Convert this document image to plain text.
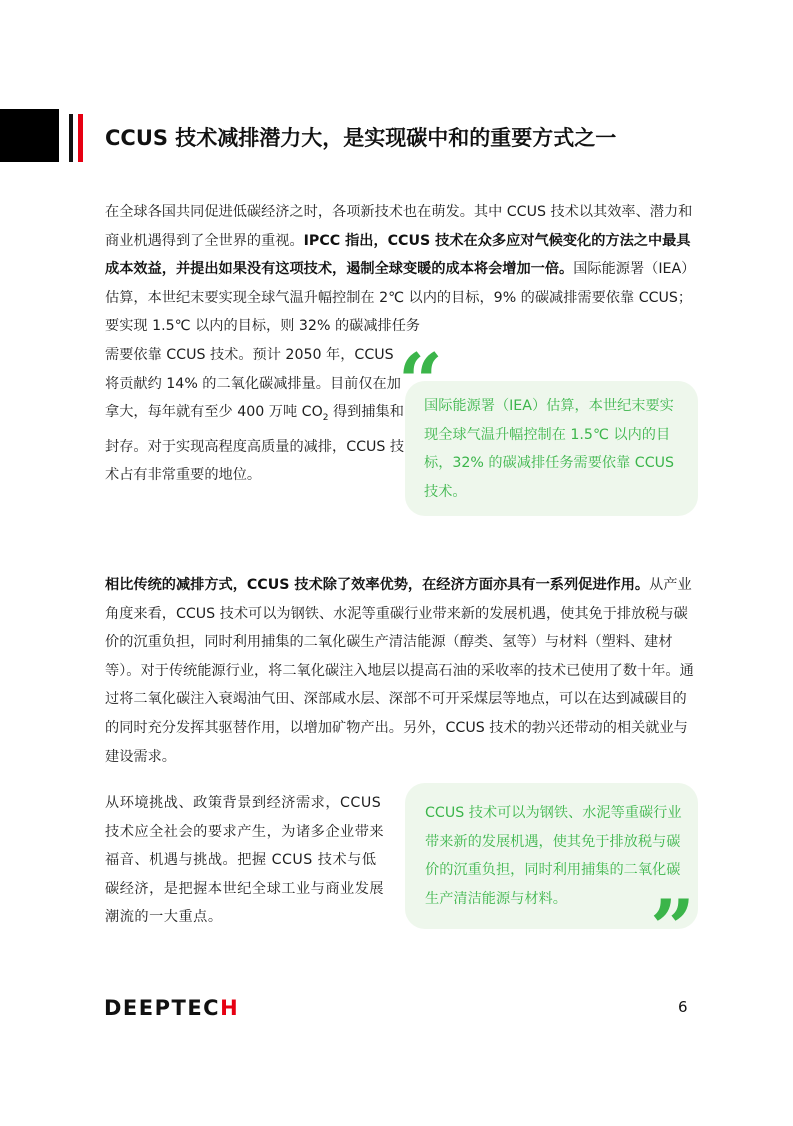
CCUS 技术减排潜力大，是实现碳中和的重要方式之一
在全球各国共同促进低碳经济之时，各项新技术也在萌发。其中 CCUS 技术以其效率、潜力和商业机遇得到了全世界的重视。IPCC 指出，CCUS 技术在众多应对气候变化的方法之中最具成本效益，并提出如果没有这项技术，遏制全球变暖的成本将会增加一倍。国际能源署（IEA）估算，本世纪末要实现全球气温升幅控制在 2℃ 以内的目标，9% 的碳减排需要依靠 CCUS；要实现 1.5℃ 以内的目标，则 32% 的碳减排任务
需要依靠 CCUS 技术。预计 2050 年，CCUS 将贡献约 14% 的二氧化碳减排量。目前仅在加拿大，每年就有至少 400 万吨 $CO_2$ 得到捕集和封存。对于实现高程度高质量的减排，CCUS 技术占有非常重要的地位。
国际能源署（IEA）估算，本世纪末要实现全球气温升幅控制在 1.5℃ 以内的目标，32% 的碳减排任务需要依靠 CCUS 技术。
“
相比传统的减排方式，CCUS 技术除了效率优势，在经济方面亦具有一系列促进作用。从产业角度来看，CCUS 技术可以为钢铁、水泥等重碳行业带来新的发展机遇，使其免于排放税与碳价的沉重负担，同时利用捕集的二氧化碳生产清洁能源（醇类、氢等）与材料（塑料、建材等）。对于传统能源行业，将二氧化碳注入地层以提高石油的采收率的技术已使用了数十年。通过将二氧化碳注入衰竭油气田、深部咸水层、深部不可开采煤层等地点，可以在达到减碳目的的同时充分发挥其驱替作用，以增加矿物产出。另外，CCUS 技术的勃兴还带动的相关就业与建设需求。
从环境挑战、政策背景到经济需求，CCUS 技术应全社会的要求产生，为诸多企业带来福音、机遇与挑战。把握 CCUS 技术与低碳经济，是把握本世纪全球工业与商业发展潮流的一大重点。
CCUS 技术可以为钢铁、水泥等重碳行业带来新的发展机遇，使其免于排放税与碳价的沉重负担，同时利用捕集的二氧化碳生产清洁能源与材料。	”
DEEPTECH	6
